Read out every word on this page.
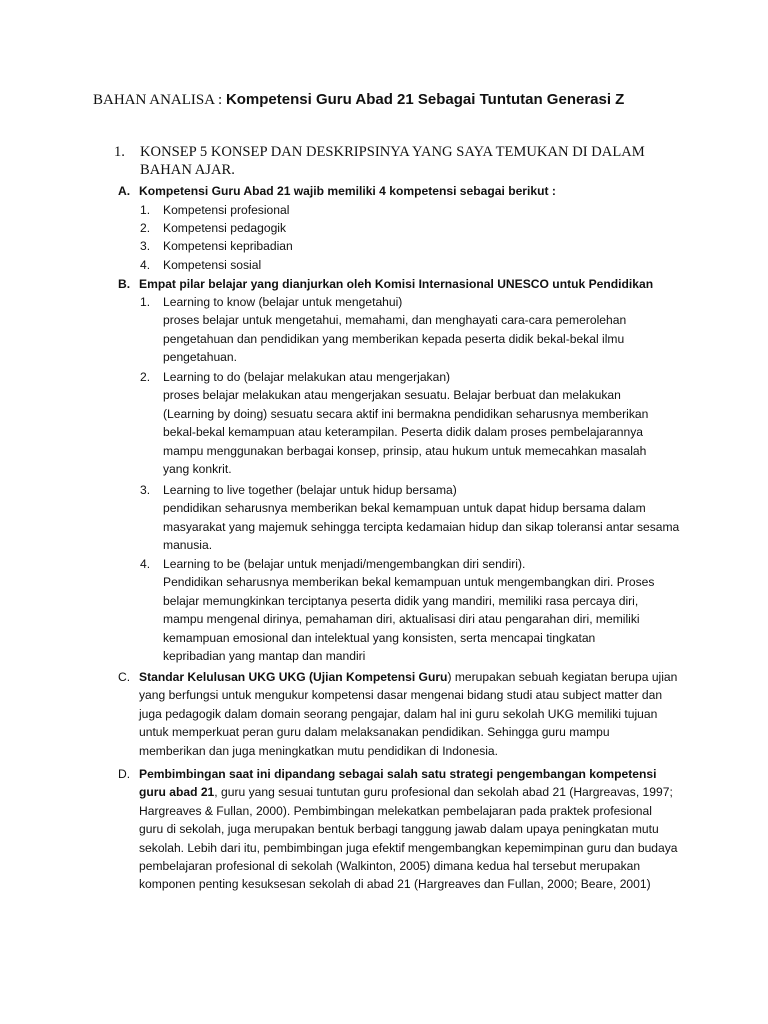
BAHAN ANALISA : Kompetensi Guru Abad 21 Sebagai Tuntutan Generasi Z
1.	KONSEP 5 KONSEP DAN DESKRIPSINYA YANG SAYA TEMUKAN DI DALAM BAHAN AJAR.
A. Kompetensi Guru Abad 21 wajib memiliki 4 kompetensi sebagai berikut :
1. Kompetensi profesional
2. Kompetensi pedagogik
3. Kompetensi kepribadian
4. Kompetensi sosial
B. Empat pilar belajar yang dianjurkan oleh Komisi Internasional UNESCO untuk Pendidikan
1. Learning to know (belajar untuk mengetahui)
proses belajar untuk mengetahui, memahami, dan menghayati cara-cara pemerolehan pengetahuan dan pendidikan yang memberikan kepada peserta didik bekal-bekal ilmu pengetahuan.
2. Learning to do (belajar melakukan atau mengerjakan)
proses belajar melakukan atau mengerjakan sesuatu. Belajar berbuat dan melakukan (Learning by doing) sesuatu secara aktif ini bermakna pendidikan seharusnya memberikan bekal-bekal kemampuan atau keterampilan. Peserta didik dalam proses pembelajarannya mampu menggunakan berbagai konsep, prinsip, atau hukum untuk memecahkan masalah yang konkrit.
3. Learning to live together (belajar untuk hidup bersama)
pendidikan seharusnya memberikan bekal kemampuan untuk dapat hidup bersama dalam masyarakat yang majemuk sehingga tercipta kedamaian hidup dan sikap toleransi antar sesama manusia.
4. Learning to be (belajar untuk menjadi/mengembangkan diri sendiri).
Pendidikan seharusnya memberikan bekal kemampuan untuk mengembangkan diri. Proses belajar memungkinkan terciptanya peserta didik yang mandiri, memiliki rasa percaya diri, mampu mengenal dirinya, pemahaman diri, aktualisasi diri atau pengarahan diri, memiliki kemampuan emosional dan intelektual yang konsisten, serta mencapai tingkatan kepribadian yang mantap dan mandiri
C. Standar Kelulusan UKG UKG (Ujian Kompetensi Guru) merupakan sebuah kegiatan berupa ujian yang berfungsi untuk mengukur kompetensi dasar mengenai bidang studi atau subject matter dan juga pedagogik dalam domain seorang pengajar, dalam hal ini guru sekolah UKG memiliki tujuan untuk memperkuat peran guru dalam melaksanakan pendidikan. Sehingga guru mampu memberikan dan juga meningkatkan mutu pendidikan di Indonesia.
D. Pembimbingan saat ini dipandang sebagai salah satu strategi pengembangan kompetensi guru abad 21, guru yang sesuai tuntutan guru profesional dan sekolah abad 21 (Hargreavas, 1997; Hargreaves & Fullan, 2000). Pembimbingan melekatkan pembelajaran pada praktek profesional guru di sekolah, juga merupakan bentuk berbagi tanggung jawab dalam upaya peningkatan mutu sekolah. Lebih dari itu, pembimbingan juga efektif mengembangkan kepemimpinan guru dan budaya pembelajaran profesional di sekolah (Walkinton, 2005) dimana kedua hal tersebut merupakan komponen penting kesuksesan sekolah di abad 21 (Hargreaves dan Fullan, 2000; Beare, 2001)
